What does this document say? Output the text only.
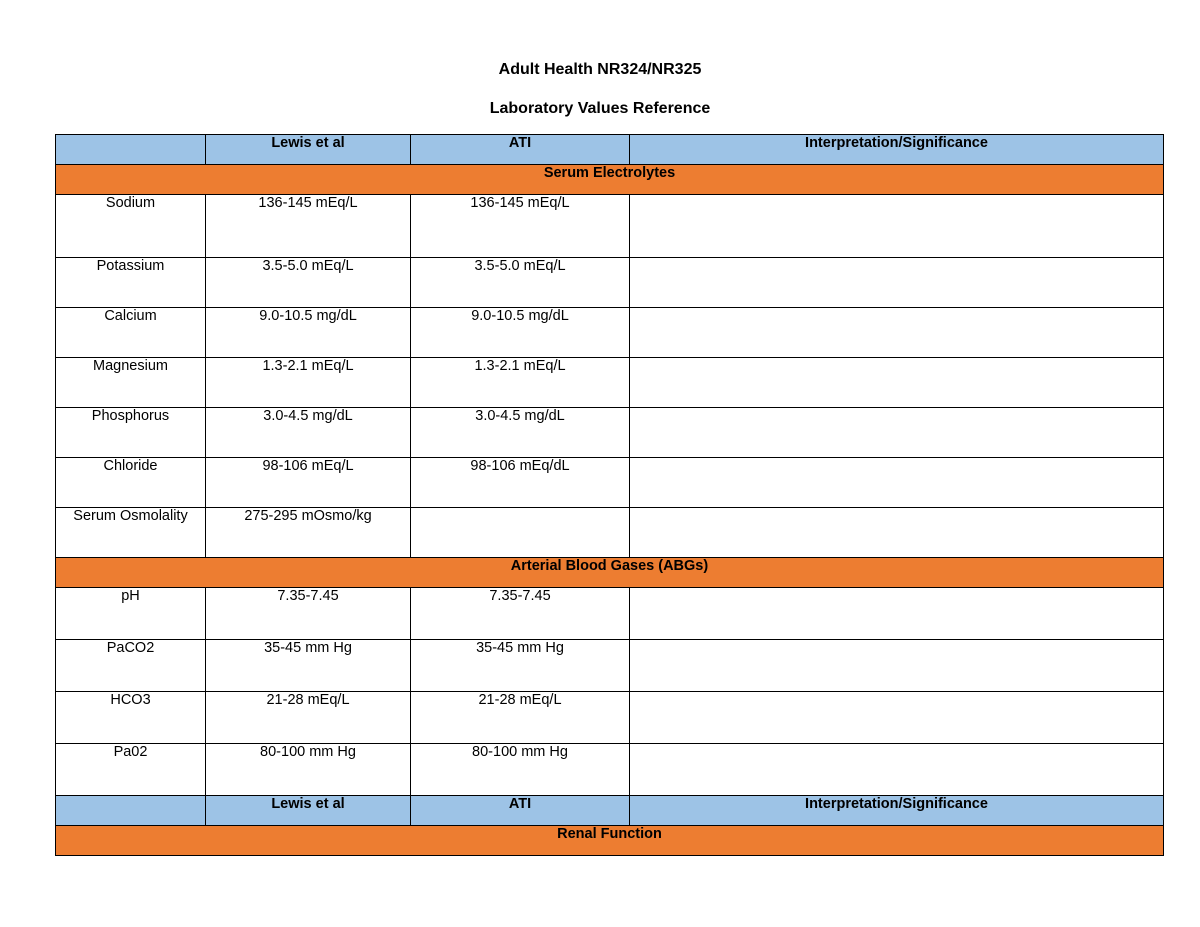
Adult Health NR324/NR325
Laboratory Values Reference
	Lewis et al	ATI	Interpretation/Significance
Serum Electrolytes			
Sodium	136-145 mEq/L	136-145 mEq/L	
Potassium	3.5-5.0 mEq/L	3.5-5.0 mEq/L	
Calcium	9.0-10.5 mg/dL	9.0-10.5 mg/dL	
Magnesium	1.3-2.1 mEq/L	1.3-2.1 mEq/L	
Phosphorus	3.0-4.5 mg/dL	3.0-4.5 mg/dL	
Chloride	98-106 mEq/L	98-106 mEq/dL	
Serum Osmolality	275-295 mOsmo/kg		
Arterial Blood Gases (ABGs)			
pH	7.35-7.45	7.35-7.45	
PaCO2	35-45 mm Hg	35-45 mm Hg	
HCO3	21-28 mEq/L	21-28 mEq/L	
Pa02	80-100 mm Hg	80-100 mm Hg	
	Lewis et al	ATI	Interpretation/Significance
Renal Function			
